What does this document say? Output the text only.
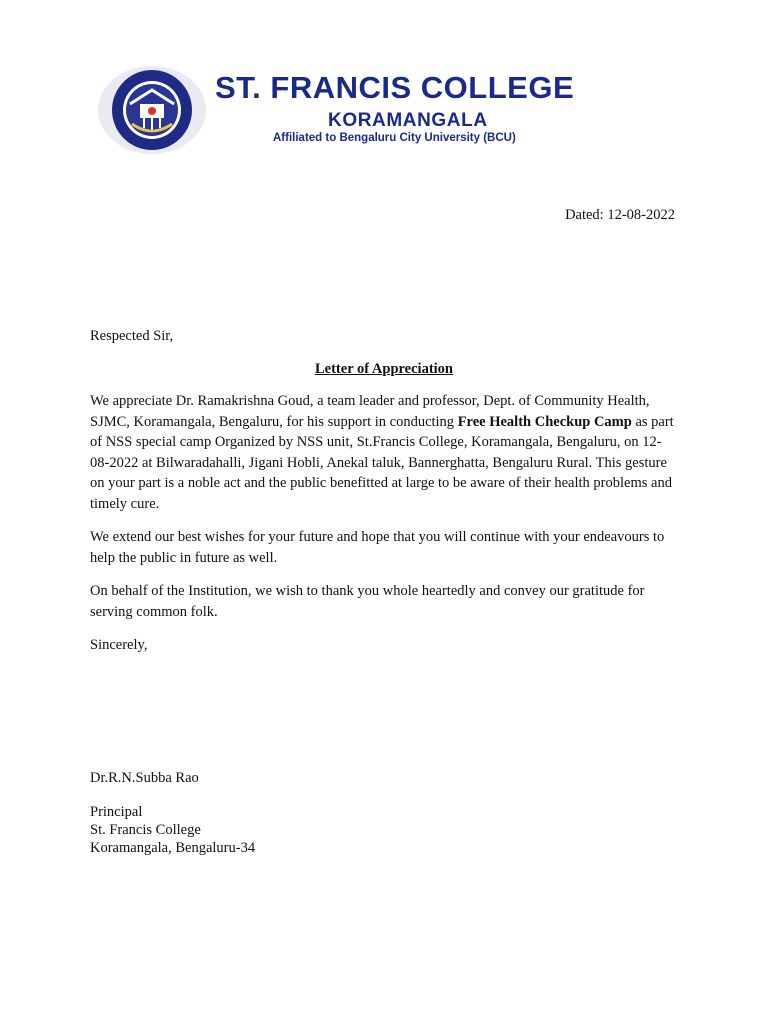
ST. FRANCIS COLLEGE
KORAMANGALA
Affiliated to Bengaluru City University (BCU)
Dated: 12-08-2022

Respected Sir,

Letter of Appreciation

We appreciate Dr. Ramakrishna Goud, a team leader and professor, Dept. of Community Health, SJMC, Koramangala, Bengaluru, for his support in conducting Free Health Checkup Camp as part of NSS special camp Organized by NSS unit, St.Francis College, Koramangala, Bengaluru, on 12-08-2022 at Bilwaradahalli, Jigani Hobli, Anekal taluk, Bannerghatta, Bengaluru Rural. This gesture on your part is a noble act and the public benefitted at large to be aware of their health problems and timely cure.

We extend our best wishes for your future and hope that you will continue with your endeavours to help the public in future as well.

On behalf of the Institution, we wish to thank you whole heartedly and convey our gratitude for serving common folk.

Sincerely,

Dr.R.N.Subba Rao
Principal
St. Francis College
Koramangala, Bengaluru-34
